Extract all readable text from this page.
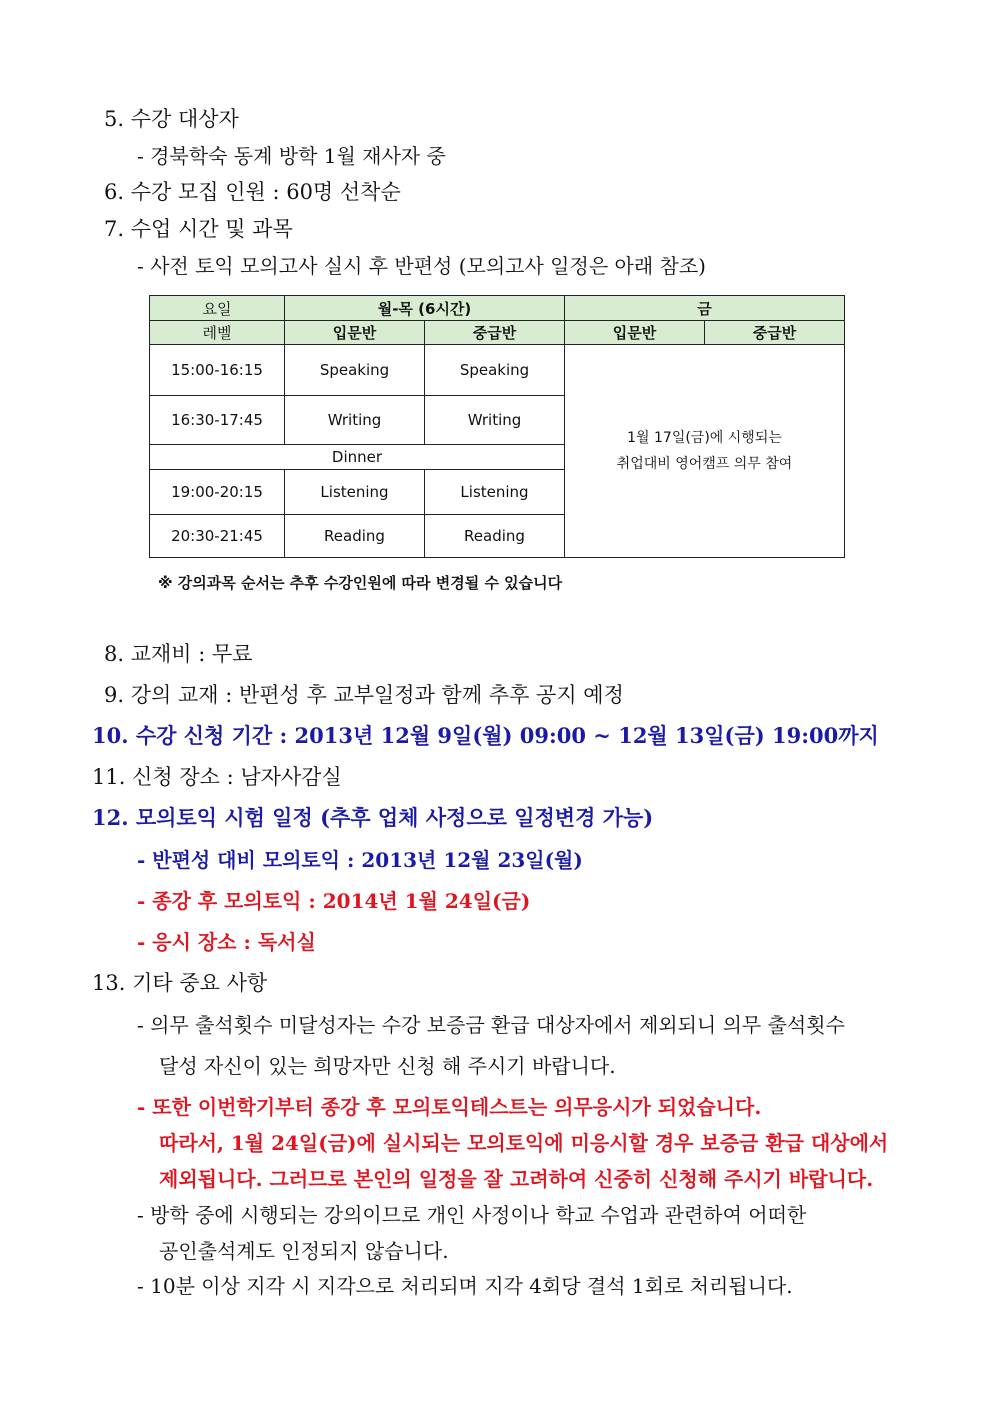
5. 수강 대상자
- 경북학숙 동계 방학 1월 재사자 중
6. 수강 모집 인원 : 60명 선착순
7. 수업 시간 및 과목
- 사전 토익 모의고사 실시 후 반편성 (모의고사 일정은 아래 참조)
요일	월-목 (6시간)		금	
레벨	입문반	중급반	입문반	중급반
15:00-16:15	Speaking	Speaking	1월 17일(금)에 시행되는
취업대비 영어캠프 의무 참여	
16:30-17:45	Writing	Writing		
Dinner				
19:00-20:15	Listening	Listening		
20:30-21:45	Reading	Reading		
※ 강의과목 순서는 추후 수강인원에 따라 변경될 수 있습니다
8. 교재비 : 무료
9. 강의 교재 : 반편성 후 교부일정과 함께 추후 공지 예정
10. 수강 신청 기간 : 2013년 12월 9일(월) 09:00 ~ 12월 13일(금) 19:00까지
11. 신청 장소 : 남자사감실
12. 모의토익 시험 일정 (추후 업체 사정으로 일정변경 가능)
- 반편성 대비 모의토익 : 2013년 12월 23일(월)
- 종강 후 모의토익 : 2014년 1월 24일(금)
- 응시 장소 : 독서실
13. 기타 중요 사항
- 의무 출석횟수 미달성자는 수강 보증금 환급 대상자에서 제외되니 의무 출석횟수
달성 자신이 있는 희망자만 신청 해 주시기 바랍니다.
- 또한 이번학기부터 종강 후 모의토익테스트는 의무응시가 되었습니다.
따라서, 1월 24일(금)에 실시되는 모의토익에 미응시할 경우 보증금 환급 대상에서
제외됩니다. 그러므로 본인의 일정을 잘 고려하여 신중히 신청해 주시기 바랍니다.
- 방학 중에 시행되는 강의이므로 개인 사정이나 학교 수업과 관련하여 어떠한
공인출석계도 인정되지 않습니다.
- 10분 이상 지각 시 지각으로 처리되며 지각 4회당 결석 1회로 처리됩니다.
